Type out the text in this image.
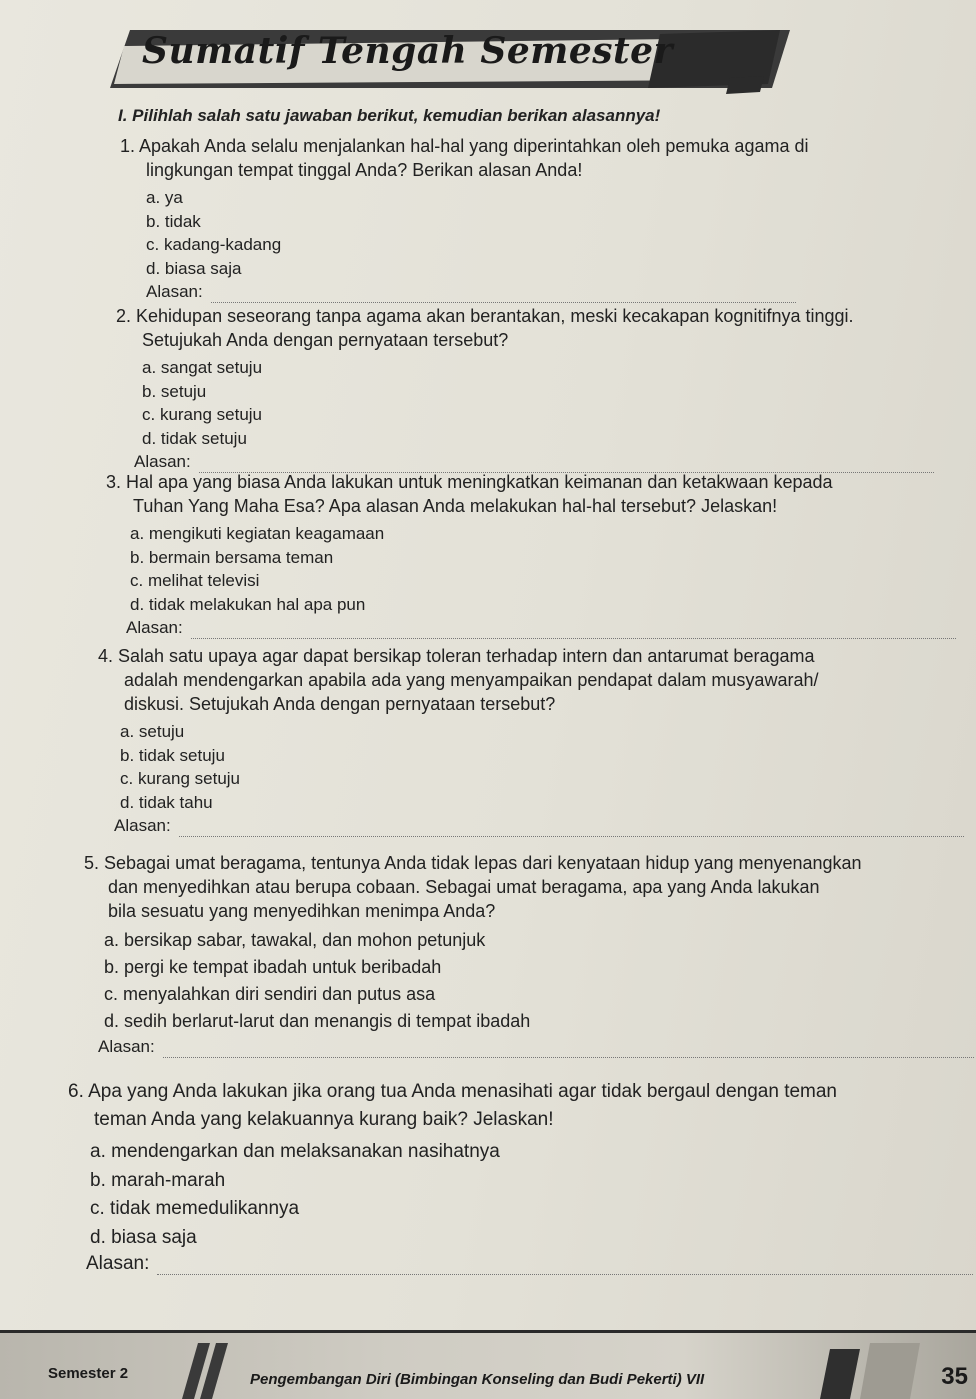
Sumatif Tengah Semester

I. Pilihlah salah satu jawaban berikut, kemudian berikan alasannya!

1. Apakah Anda selalu menjalankan hal-hal yang diperintahkan oleh pemuka agama di
lingkungan tempat tinggal Anda? Berikan alasan Anda!
a. ya
b. tidak
c. kadang-kadang
d. biasa saja
Alasan:
2. Kehidupan seseorang tanpa agama akan berantakan, meski kecakapan kognitifnya tinggi.
Setujukah Anda dengan pernyataan tersebut?
a. sangat setuju
b. setuju
c. kurang setuju
d. tidak setuju
Alasan:
3. Hal apa yang biasa Anda lakukan untuk meningkatkan keimanan dan ketakwaan kepada
Tuhan Yang Maha Esa? Apa alasan Anda melakukan hal-hal tersebut? Jelaskan!
a. mengikuti kegiatan keagamaan
b. bermain bersama teman
c. melihat televisi
d. tidak melakukan hal apa pun
Alasan:
4. Salah satu upaya agar dapat bersikap toleran terhadap intern dan antarumat beragama
adalah mendengarkan apabila ada yang menyampaikan pendapat dalam musyawarah/
diskusi. Setujukah Anda dengan pernyataan tersebut?
a. setuju
b. tidak setuju
c. kurang setuju
d. tidak tahu
Alasan:
5. Sebagai umat beragama, tentunya Anda tidak lepas dari kenyataan hidup yang menyenangkan
dan menyedihkan atau berupa cobaan. Sebagai umat beragama, apa yang Anda lakukan
bila sesuatu yang menyedihkan menimpa Anda?
a. bersikap sabar, tawakal, dan mohon petunjuk
b. pergi ke tempat ibadah untuk beribadah
c. menyalahkan diri sendiri dan putus asa
d. sedih berlarut-larut dan menangis di tempat ibadah
Alasan:
6. Apa yang Anda lakukan jika orang tua Anda menasihati agar tidak bergaul dengan teman
teman Anda yang kelakuannya kurang baik? Jelaskan!
a. mendengarkan dan melaksanakan nasihatnya
b. marah-marah
c. tidak memedulikannya
d. biasa saja
Alasan:
Semester 2	Pengembangan Diri (Bimbingan Konseling dan Budi Pekerti) VII	35
